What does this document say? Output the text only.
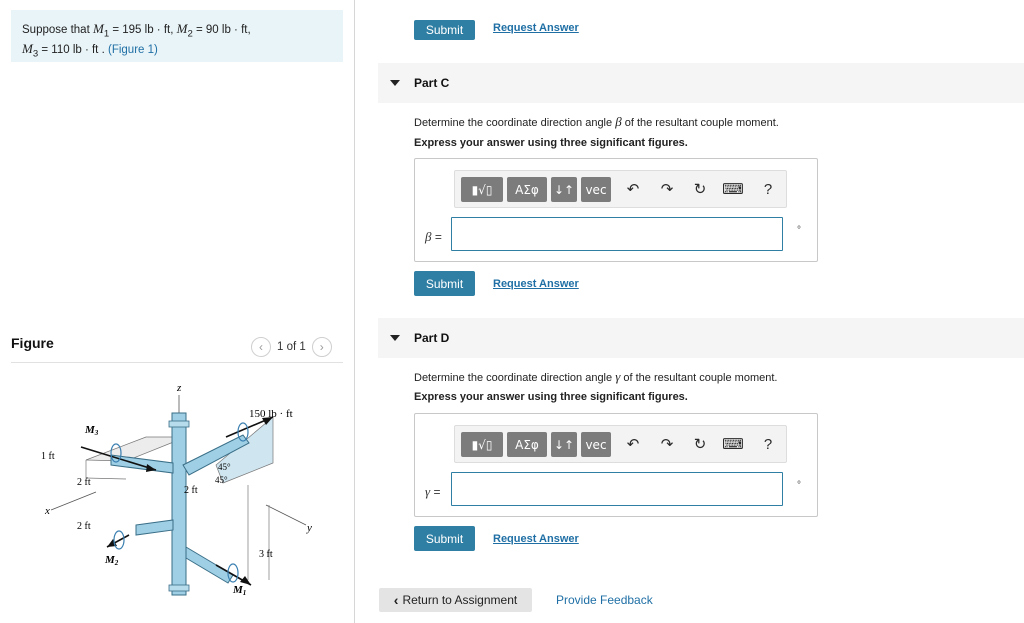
Suppose that $M_1 = 195$ lb · ft, $M_2 = 90$ lb · ft,
$M_3 = 110$ lb · ft . (Figure 1)
Figure	‹ 1 of 1 ›
z
x
y
150 lb · ft
M3
M2
M1
1 ft
2 ft
2 ft
2 ft
3 ft
45°
45°
Submit	Request Answer
Part C
Determine the coordinate direction angle β of the resultant couple moment.
Express your answer using three significant figures.
▮√▯	ΑΣφ	↓↑ vec ↶ ↷ ↻ ⌨	?
β =	°
Submit	Request Answer
Part D
Determine the coordinate direction angle γ of the resultant couple moment.
Express your answer using three significant figures.
▮√▯	ΑΣφ	↓↑ vec ↶ ↷ ↻ ⌨	?
γ =	°
Submit	Request Answer
‹ Return to Assignment	Provide Feedback
